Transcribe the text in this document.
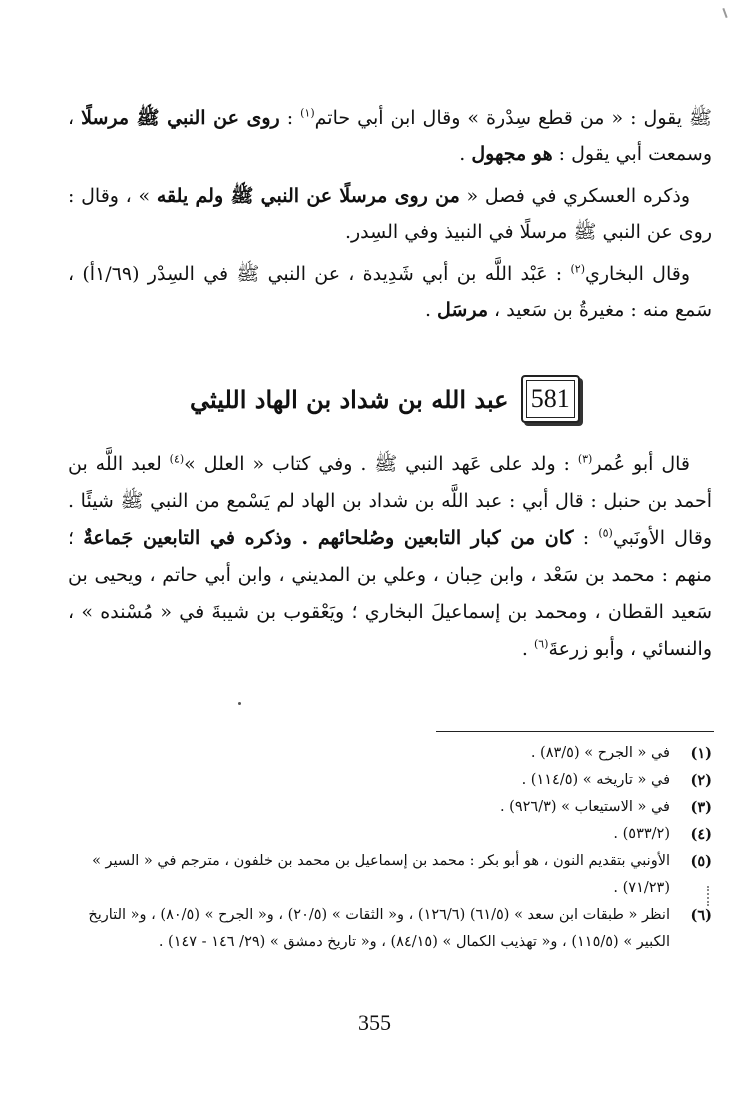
ﷺ يقول : « من قطع سِدْرة » وقال ابن أبي حاتم$^{(١)}$ : روى عن النبي ﷺ مرسلًا ، وسمعت أبي يقول : هو مجهول .

وذكره العسكري في فصل « من روى مرسلًا عن النبي ﷺ ولم يلقه » ، وقال : روى عن النبي ﷺ مرسلًا في النبيذ وفي السِدر.

وقال البخاري$^{(٢)}$ : عَبْد اللَّه بن أبي شَدِيدة ، عن النبي ﷺ في السِدْر (١/٦٩أ) ، سَمع منه : مغيرةُ بن سَعيد ، مرسَل .

581
عبد الله بن شداد بن الهاد الليثي

قال أبو عُمر$^{(٣)}$ : ولد على عَهد النبي ﷺ . وفي كتاب « العلل »$^{(٤)}$ لعبد اللَّه بن أحمد بن حنبل : قال أبي : عبد اللَّه بن شداد بن الهاد لم يَسْمع من النبي ﷺ شيئًا . وقال الأونَبي$^{(٥)}$ : كان من كبار التابعين وصُلحائهم . وذكره في التابعين جَماعةٌ ؛ منهم : محمد بن سَعْد ، وابن حِبان ، وعلي بن المديني ، وابن أبي حاتم ، ويحيى بن سَعيد القطان ، ومحمد بن إسماعيلَ البخاري ؛ ويَعْقوب بن شيبةَ في « مُسْنده » ، والنسائي ، وأبو زرعةَ$^{(٦)}$ .

(١)
في « الجرح » (٨٣/٥) .
(٢)
في « تاريخه » (١١٤/٥) .
(٣)
في « الاستيعاب » (٩٢٦/٣) .
(٤)
(٥٣٣/٢) .
(٥)
الأونبي بتقديم النون ، هو أبو بكر : محمد بن إسماعيل بن محمد بن خلفون ، مترجم في « السير » (٧١/٢٣) .
(٦)
انظر « طبقات ابن سعد » (٦١/٥) (١٢٦/٦) ، و« الثقات » (٢٠/٥) ، و« الجرح » (٨٠/٥) ، و« التاريخ الكبير » (١١٥/٥) ، و« تهذيب الكمال » (٨٤/١٥) ، و« تاريخ دمشق » (٢٩/ ١٤٦ - ١٤٧) .
355
